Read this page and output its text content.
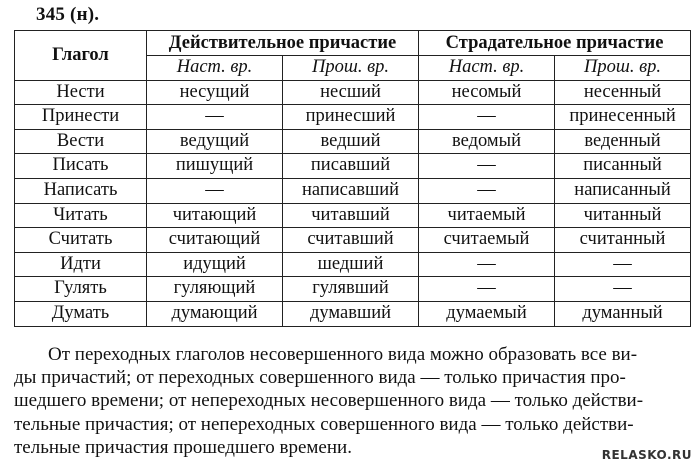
345 (н).
Глагол	Действительное причастие		Страдательное причастие	
	Наст. вр.	Прош. вр.	Наст. вр.	Прош. вр.
Нести	несущий	несший	несомый	несенный
Принести	—	принесший	—	принесенный
Вести	ведущий	ведший	ведомый	веденный
Писать	пишущий	писавший	—	писанный
Написать	—	написавший	—	написанный
Читать	читающий	читавший	читаемый	читанный
Считать	считающий	считавший	считаемый	считанный
Идти	идущий	шедший	—	—
Гулять	гуляющий	гулявший	—	—
Думать	думающий	думавший	думаемый	думанный
От переходных глаголов несовершенного вида можно образовать все ви-
ды причастий; от переходных совершенного вида — только причастия про-
шедшего времени; от непереходных несовершенного вида — только действи-
тельные причастия; от непереходных совершенного вида — только действи-
тельные причастия прошедшего времени.	RELASKO.RU
